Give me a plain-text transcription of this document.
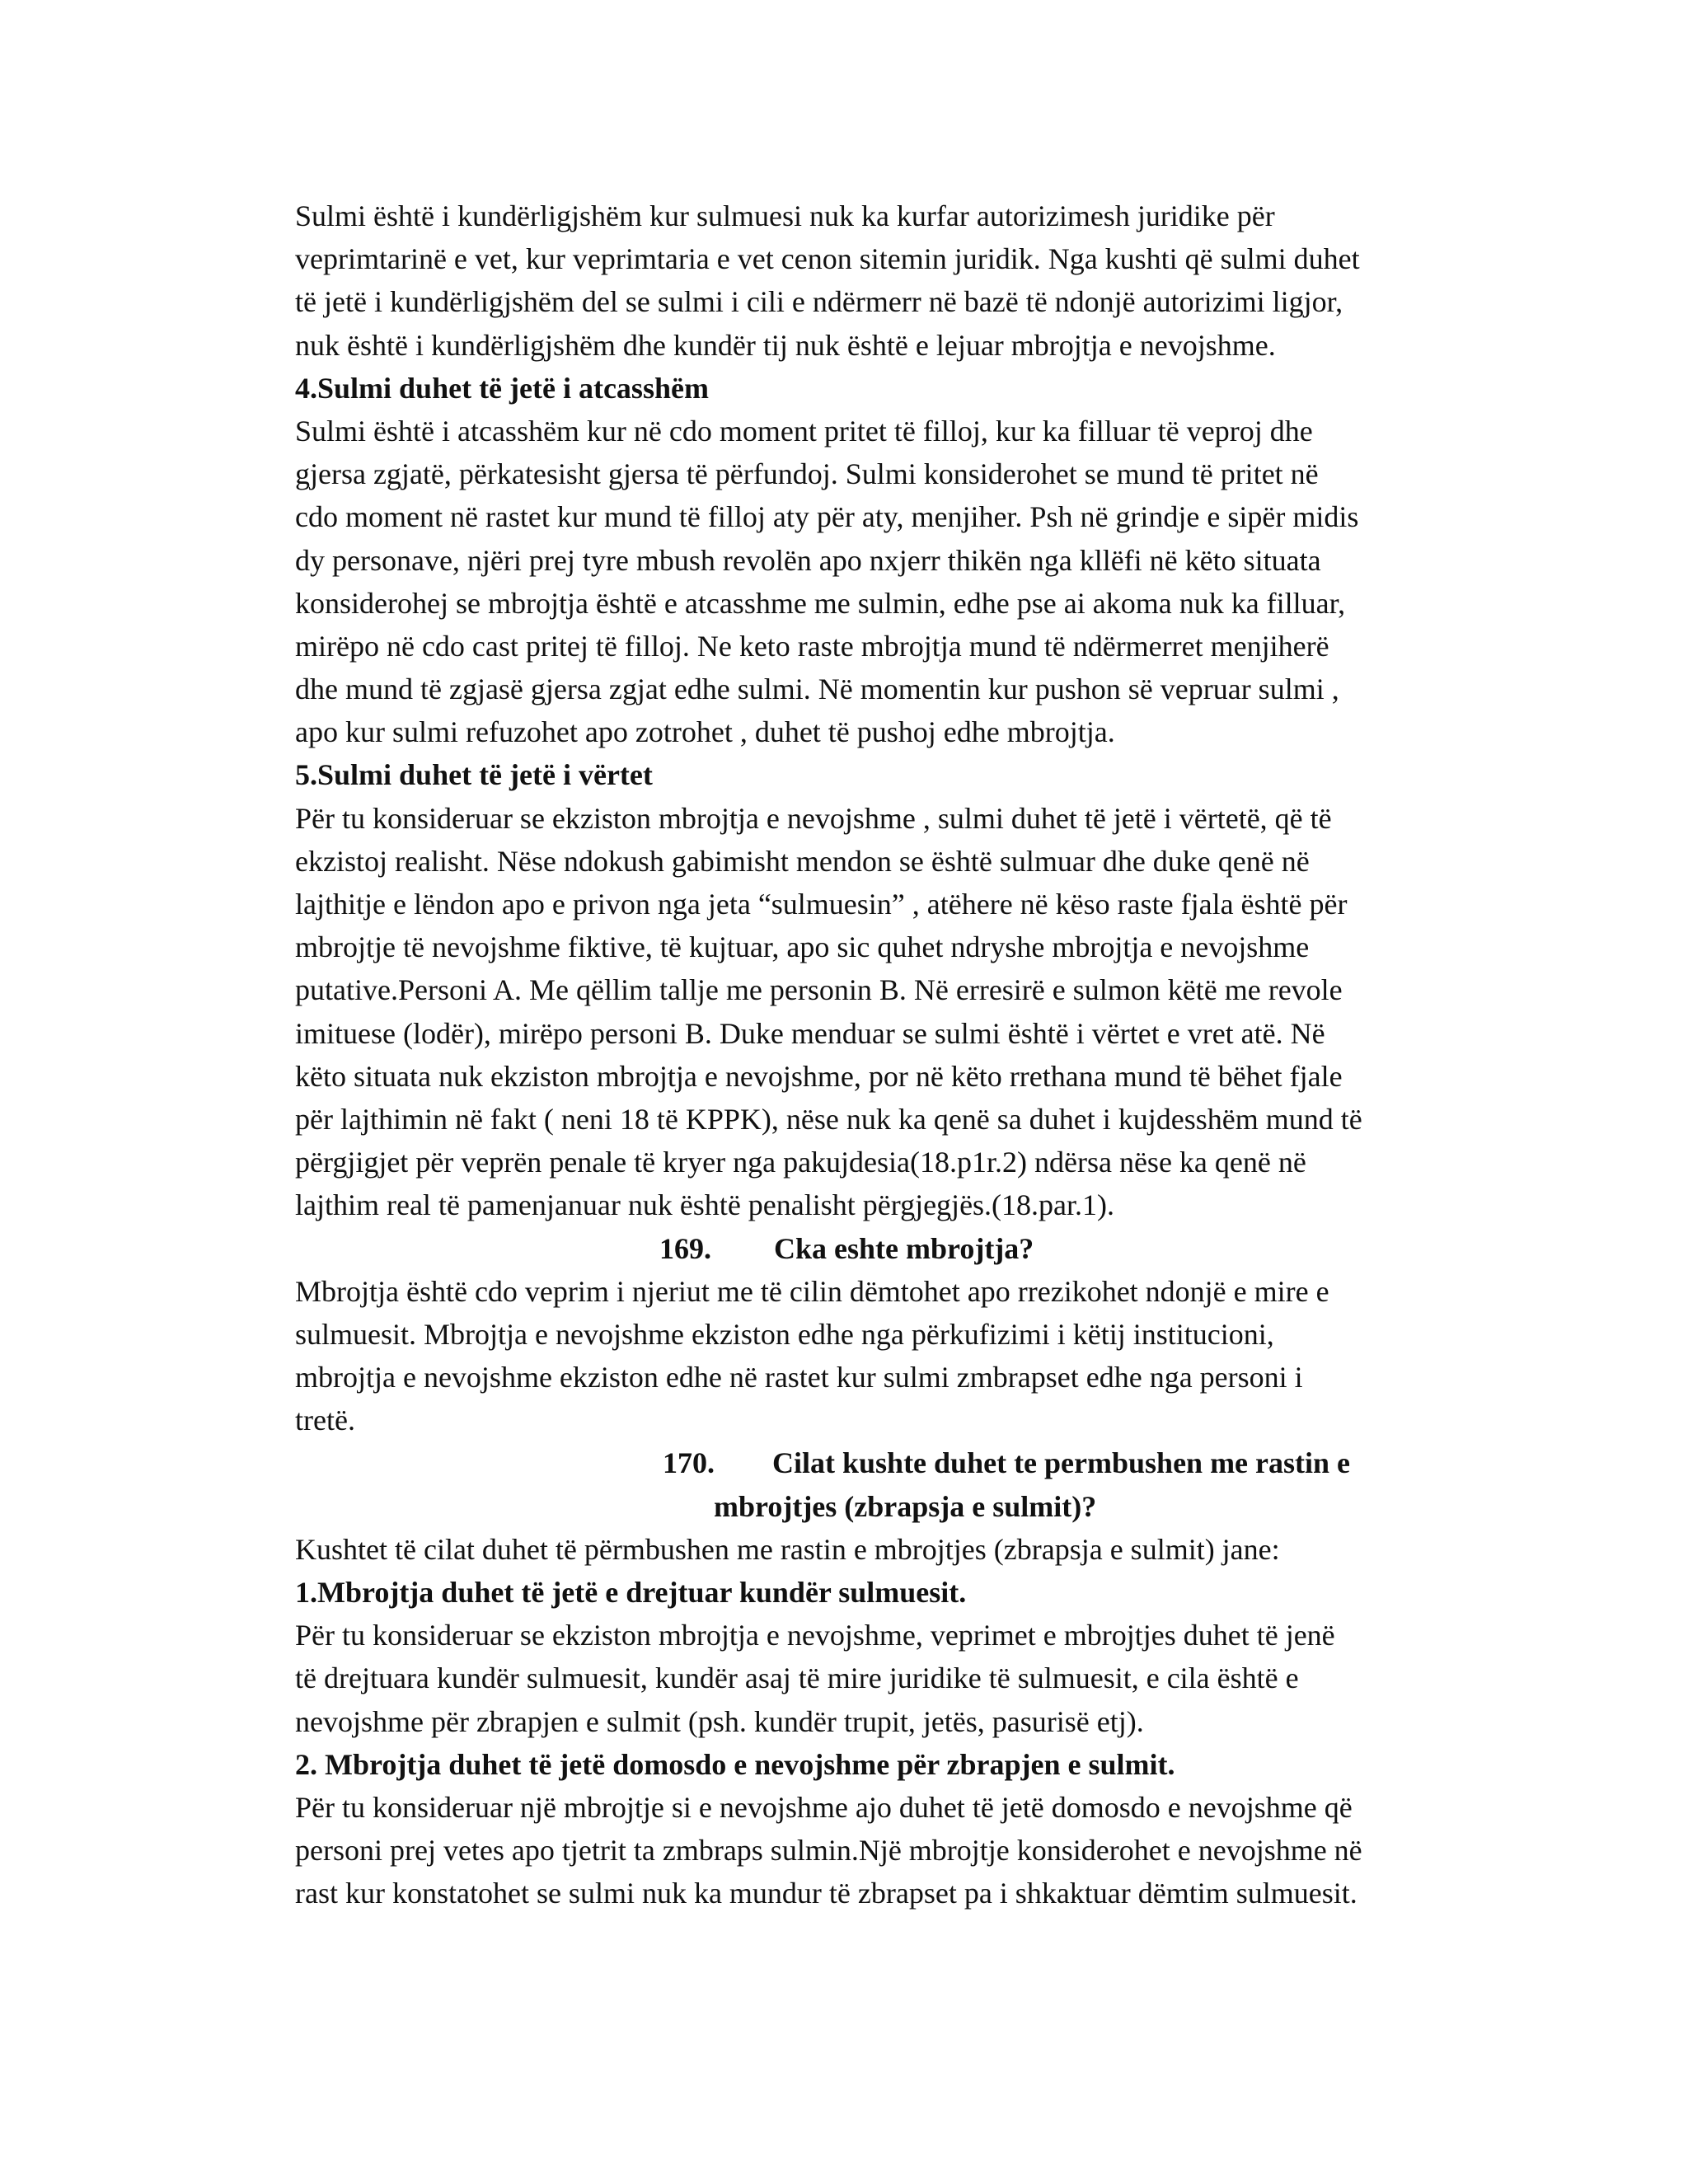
Sulmi është i kundërligjshëm kur sulmuesi nuk ka kurfar autorizimesh juridike për
veprimtarinë e vet, kur veprimtaria e vet cenon sitemin juridik. Nga kushti që sulmi duhet
të jetë i kundërligjshëm del se sulmi i cili e ndërmerr në bazë të ndonjë autorizimi ligjor,
nuk është i kundërligjshëm dhe kundër tij nuk është e lejuar mbrojtja e nevojshme.
4.Sulmi duhet të jetë i atcasshëm
Sulmi është i atcasshëm kur në cdo moment pritet të filloj, kur ka filluar të veproj dhe
gjersa zgjatë, përkatesisht gjersa të përfundoj. Sulmi konsiderohet se mund të pritet në
cdo moment në rastet kur mund të filloj aty për aty, menjiher. Psh në grindje e sipër midis
dy personave, njëri prej tyre mbush revolën apo nxjerr thikën nga kllëfi në këto situata
konsiderohej se mbrojtja është e atcasshme me sulmin, edhe pse ai akoma nuk ka filluar,
mirëpo në cdo cast pritej të filloj. Ne keto raste mbrojtja mund të ndërmerret menjiherë
dhe mund të zgjasë gjersa zgjat edhe sulmi. Në momentin kur pushon së vepruar sulmi ,
apo kur sulmi refuzohet apo zotrohet , duhet të pushoj edhe mbrojtja.
5.Sulmi duhet të jetë i vërtet
Për tu konsideruar se ekziston mbrojtja e nevojshme , sulmi duhet të jetë i vërtetë, që të
ekzistoj realisht. Nëse ndokush gabimisht mendon se është sulmuar dhe duke qenë në
lajthitje e lëndon apo e privon nga jeta “sulmuesin” , atëhere në këso raste fjala është për
mbrojtje të nevojshme fiktive, të kujtuar, apo sic quhet ndryshe mbrojtja e nevojshme
putative.Personi A. Me qëllim tallje me personin B. Në erresirë e sulmon këtë me revole
imituese (lodër), mirëpo personi B. Duke menduar se sulmi është i vërtet e vret atë. Në
këto situata nuk ekziston mbrojtja e nevojshme, por në këto rrethana mund të bëhet fjale
për lajthimin në fakt ( neni 18 të KPPK), nëse nuk ka qenë sa duhet i kujdesshëm mund të
përgjigjet për veprën penale të kryer nga pakujdesia(18.p1r.2) ndërsa nëse ka qenë në
lajthim real të pamenjanuar nuk është penalisht përgjegjës.(18.par.1).
169. Cka eshte mbrojtja?
Mbrojtja është cdo veprim i njeriut me të cilin dëmtohet apo rrezikohet ndonjë e mire e
sulmuesit. Mbrojtja e nevojshme ekziston edhe nga përkufizimi i këtij institucioni,
mbrojtja e nevojshme ekziston edhe në rastet kur sulmi zmbrapset edhe nga personi i
tretë.
170. Cilat kushte duhet te permbushen me rastin e
mbrojtjes (zbrapsja e sulmit)?
Kushtet të cilat duhet të përmbushen me rastin e mbrojtjes (zbrapsja e sulmit) jane:
1.Mbrojtja duhet të jetë e drejtuar kundër sulmuesit.
Për tu konsideruar se ekziston mbrojtja e nevojshme, veprimet e mbrojtjes duhet të jenë
të drejtuara kundër sulmuesit, kundër asaj të mire juridike të sulmuesit, e cila është e
nevojshme për zbrapjen e sulmit (psh. kundër trupit, jetës, pasurisë etj).
2. Mbrojtja duhet të jetë domosdo e nevojshme për zbrapjen e sulmit.
Për tu konsideruar një mbrojtje si e nevojshme ajo duhet të jetë domosdo e nevojshme që
personi prej vetes apo tjetrit ta zmbraps sulmin.Një mbrojtje konsiderohet e nevojshme në
rast kur konstatohet se sulmi nuk ka mundur të zbrapset pa i shkaktuar dëmtim sulmuesit.
